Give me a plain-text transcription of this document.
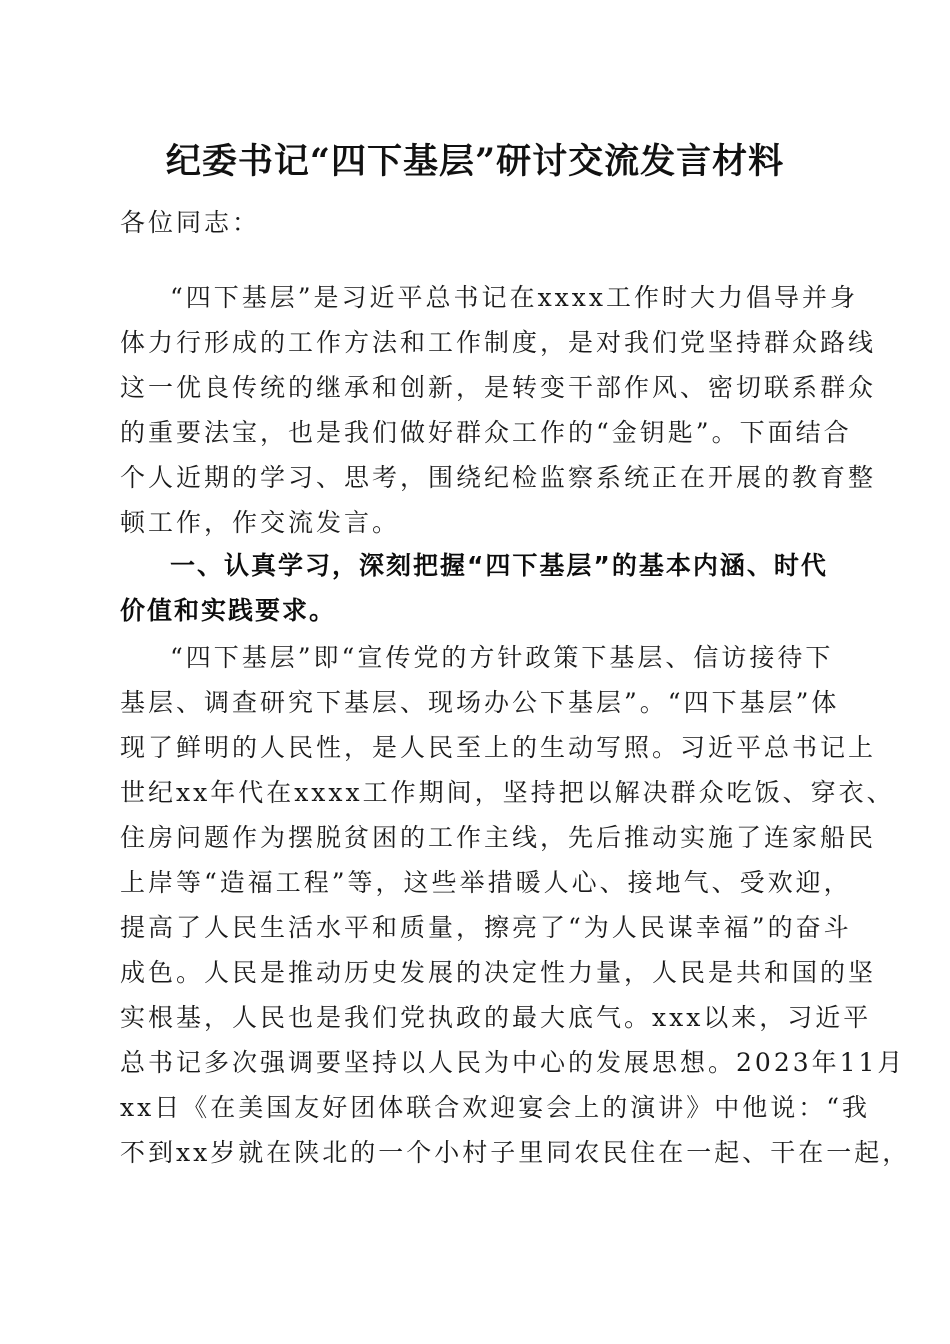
纪委书记“四下基层”研讨交流发言材料

各位同志：

“四下基层”是习近平总书记在xxxx工作时大力倡导并身

体力行形成的工作方法和工作制度，是对我们党坚持群众路线

这一优良传统的继承和创新，是转变干部作风、密切联系群众

的重要法宝，也是我们做好群众工作的“金钥匙”。下面结合

个人近期的学习、思考，围绕纪检监察系统正在开展的教育整

顿工作，作交流发言。

一、认真学习，深刻把握“四下基层”的基本内涵、时代

价值和实践要求。

“四下基层”即“宣传党的方针政策下基层、信访接待下

基层、调查研究下基层、现场办公下基层”。“四下基层”体

现了鲜明的人民性，是人民至上的生动写照。习近平总书记上

世纪xx年代在xxxx工作期间，坚持把以解决群众吃饭、穿衣、

住房问题作为摆脱贫困的工作主线，先后推动实施了连家船民

上岸等“造福工程”等，这些举措暖人心、接地气、受欢迎，

提高了人民生活水平和质量，擦亮了“为人民谋幸福”的奋斗

成色。人民是推动历史发展的决定性力量，人民是共和国的坚

实根基，人民也是我们党执政的最大底气。xxx以来，习近平

总书记多次强调要坚持以人民为中心的发展思想。2023年11月

xx日《在美国友好团体联合欢迎宴会上的演讲》中他说：“我

不到xx岁就在陕北的一个小村子里同农民住在一起、干在一起，
